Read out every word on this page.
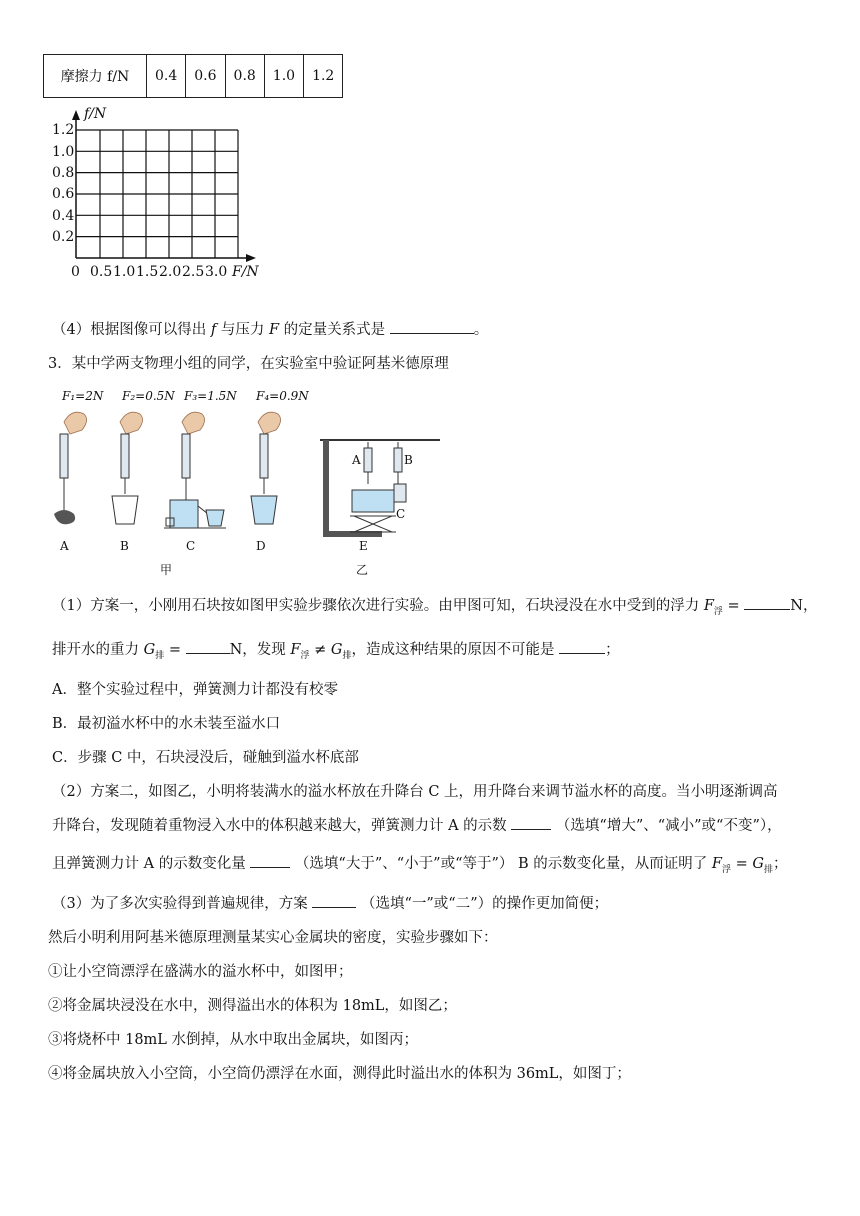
摩擦力 f/N	0.4	0.6	0.8	1.0	1.2
f/N
1.2
1.0
0.8
0.6
0.4
0.2
0 0.5 1.0 1.5 2.0 2.5 3.0 F/N
（4）根据图像可以得出 f 与压力 F 的定量关系式是	。
3．某中学两支物理小组的同学，在实验室中验证阿基米德原理
F₁=2N F₂=0.5N F₃=1.5N F₄=0.9N
A	B
C
A	B	C	D	E
甲	乙
（1）方案一，小刚用石块按如图甲实验步骤依次进行实验。由甲图可知，石块浸没在水中受到的浮力 $F_浮$ =	N，
排开水的重力 $G_排$ =	N，发现 $F_浮 \ne G_排$，造成这种结果的原因不可能是	；
A．整个实验过程中，弹簧测力计都没有校零
B．最初溢水杯中的水未装至溢水口
C．步骤 C 中，石块浸没后，碰触到溢水杯底部
（2）方案二，如图乙，小明将装满水的溢水杯放在升降台 C 上，用升降台来调节溢水杯的高度。当小明逐渐调高
升降台，发现随着重物浸入水中的体积越来越大，弹簧测力计 A 的示数	（选填“增大”、“减小”或“不变”），
且弹簧测力计 A 的示数变化量	（选填“大于”、“小于”或“等于”） B 的示数变化量，从而证明了 $F_浮 = G_排$；
（3）为了多次实验得到普遍规律，方案	（选填“一”或“二”）的操作更加简便；
然后小明利用阿基米德原理测量某实心金属块的密度，实验步骤如下：
①让小空筒漂浮在盛满水的溢水杯中，如图甲；
②将金属块浸没在水中，测得溢出水的体积为 18mL，如图乙；
③将烧杯中 18mL 水倒掉，从水中取出金属块，如图丙；
④将金属块放入小空筒，小空筒仍漂浮在水面，测得此时溢出水的体积为 36mL，如图丁；
